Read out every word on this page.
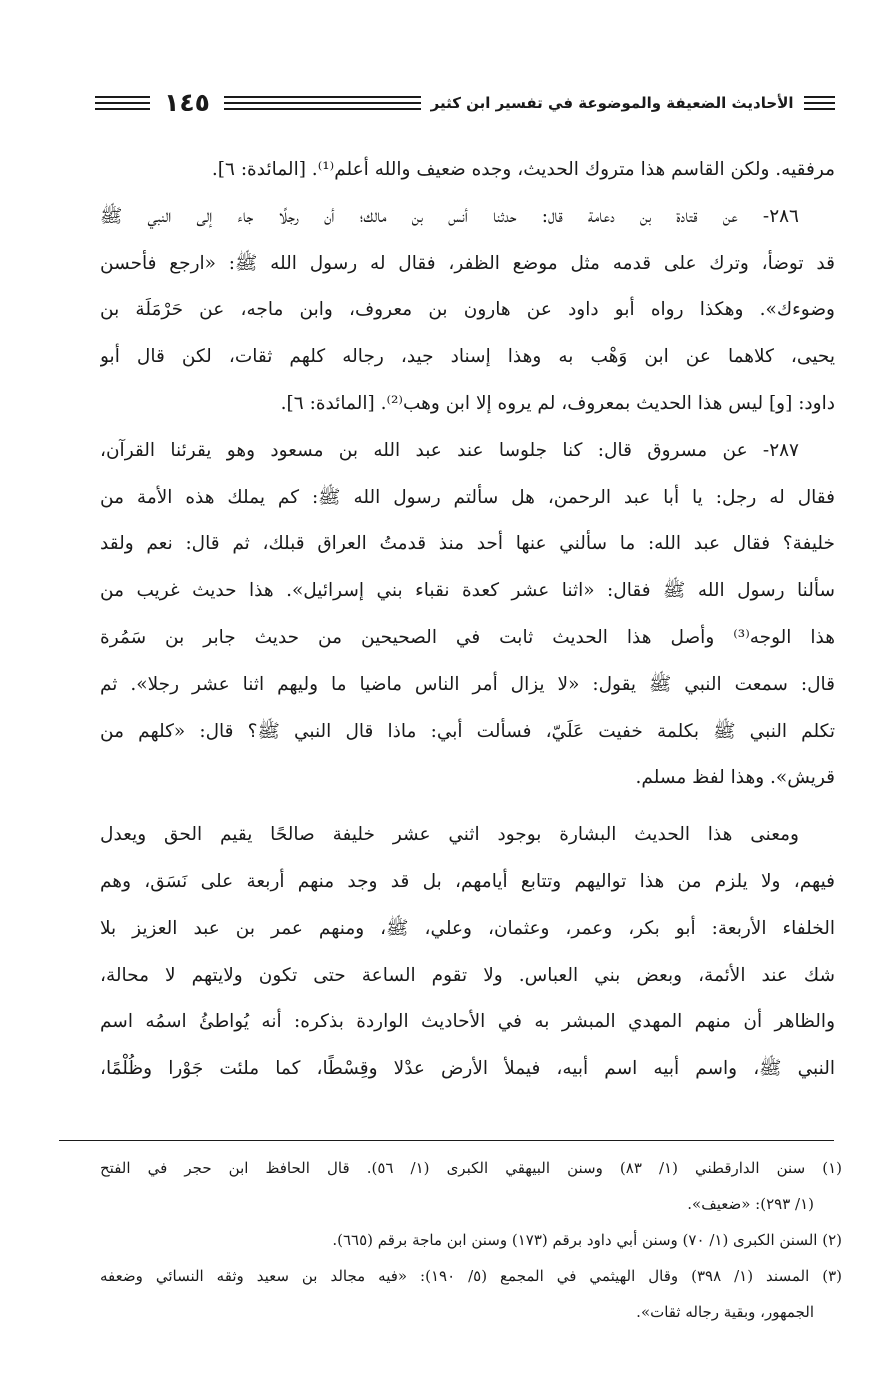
١٤٥	الأحاديث الضعيفة والموضوعة في تفسير ابن كثير
مرفقيه. ولكن القاسم هذا متروك الحديث، وجده ضعيف والله أعلم⁽¹⁾. [المائدة: ٦].
٢٨٦- عن قتادة بن دعامة قال: حدثنا أنس بن مالك؛ أن رجلًا جاء إلى النبي ﷺ
قد توضأ، وترك على قدمه مثل موضع الظفر، فقال له رسول الله ﷺ: «ارجع فأحسن
وضوءك». وهكذا رواه أبو داود عن هارون بن معروف، وابن ماجه، عن حَرْمَلَة بن
يحيى، كلاهما عن ابن وَهْب به وهذا إسناد جيد، رجاله كلهم ثقات، لكن قال أبو
داود: [و] ليس هذا الحديث بمعروف، لم يروه إلا ابن وهب⁽²⁾. [المائدة: ٦].
٢٨٧- عن مسروق قال: كنا جلوسا عند عبد الله بن مسعود وهو يقرئنا القرآن،
فقال له رجل: يا أبا عبد الرحمن، هل سألتم رسول الله ﷺ: كم يملك هذه الأمة من
خليفة؟ فقال عبد الله: ما سألني عنها أحد منذ قدمتُ العراق قبلك، ثم قال: نعم ولقد
سألنا رسول الله ﷺ فقال: «اثنا عشر كعدة نقباء بني إسرائيل». هذا حديث غريب من
هذا الوجه⁽³⁾ وأصل هذا الحديث ثابت في الصحيحين من حديث جابر بن سَمُرة
قال: سمعت النبي ﷺ يقول: «لا يزال أمر الناس ماضيا ما وليهم اثنا عشر رجلا». ثم
تكلم النبي ﷺ بكلمة خفيت عَلَيّ، فسألت أبي: ماذا قال النبي ﷺ؟ قال: «كلهم من
قريش». وهذا لفظ مسلم.
ومعنى هذا الحديث البشارة بوجود اثني عشر خليفة صالحًا يقيم الحق ويعدل
فيهم، ولا يلزم من هذا تواليهم وتتابع أيامهم، بل قد وجد منهم أربعة على نَسَق، وهم
الخلفاء الأربعة: أبو بكر، وعمر، وعثمان، وعلي، ﷺ، ومنهم عمر بن عبد العزيز بلا
شك عند الأئمة، وبعض بني العباس. ولا تقوم الساعة حتى تكون ولايتهم لا محالة،
والظاهر أن منهم المهدي المبشر به في الأحاديث الواردة بذكره: أنه يُواطئُ اسمُه اسم
النبي ﷺ، واسم أبيه اسم أبيه، فيملأ الأرض عدْلا وقِسْطًا، كما ملئت جَوْرا وظُلْمًا،
(١) سنن الدارقطني (١/ ٨٣) وسنن البيهقي الكبرى (١/ ٥٦). قال الحافظ ابن حجر في الفتح
(١/ ٢٩٣): «ضعيف».
(٢) السنن الكبرى (١/ ٧٠) وسنن أبي داود برقم (١٧٣) وسنن ابن ماجة برقم (٦٦٥).
(٣) المسند (١/ ٣٩٨) وقال الهيثمي في المجمع (٥/ ١٩٠): «فيه مجالد بن سعيد وثقه النسائي وضعفه
الجمهور، وبقية رجاله ثقات».
